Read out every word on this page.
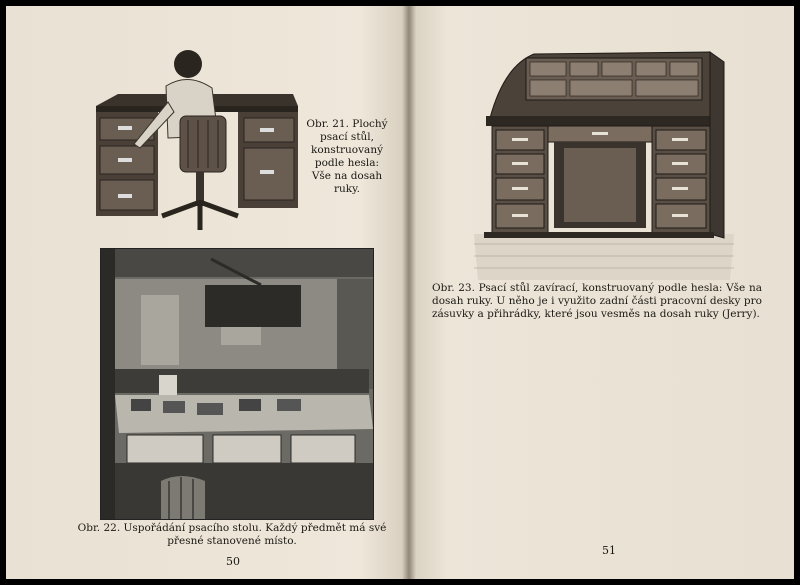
Obr. 21. Plochý psací stůl, konstruovaný podle hesla: Vše na dosah ruky.
Obr. 22. Uspořádání psacího stolu. Každý předmět má své přesné stanovené místo.
50
Obr. 23. Psací stůl zavírací, konstruovaný podle hesla: Vše na dosah ruky. U něho je i využito zadní části pracovní desky pro zásuvky a přihrádky, které jsou vesměs na dosah ruky (Jerry).
51
